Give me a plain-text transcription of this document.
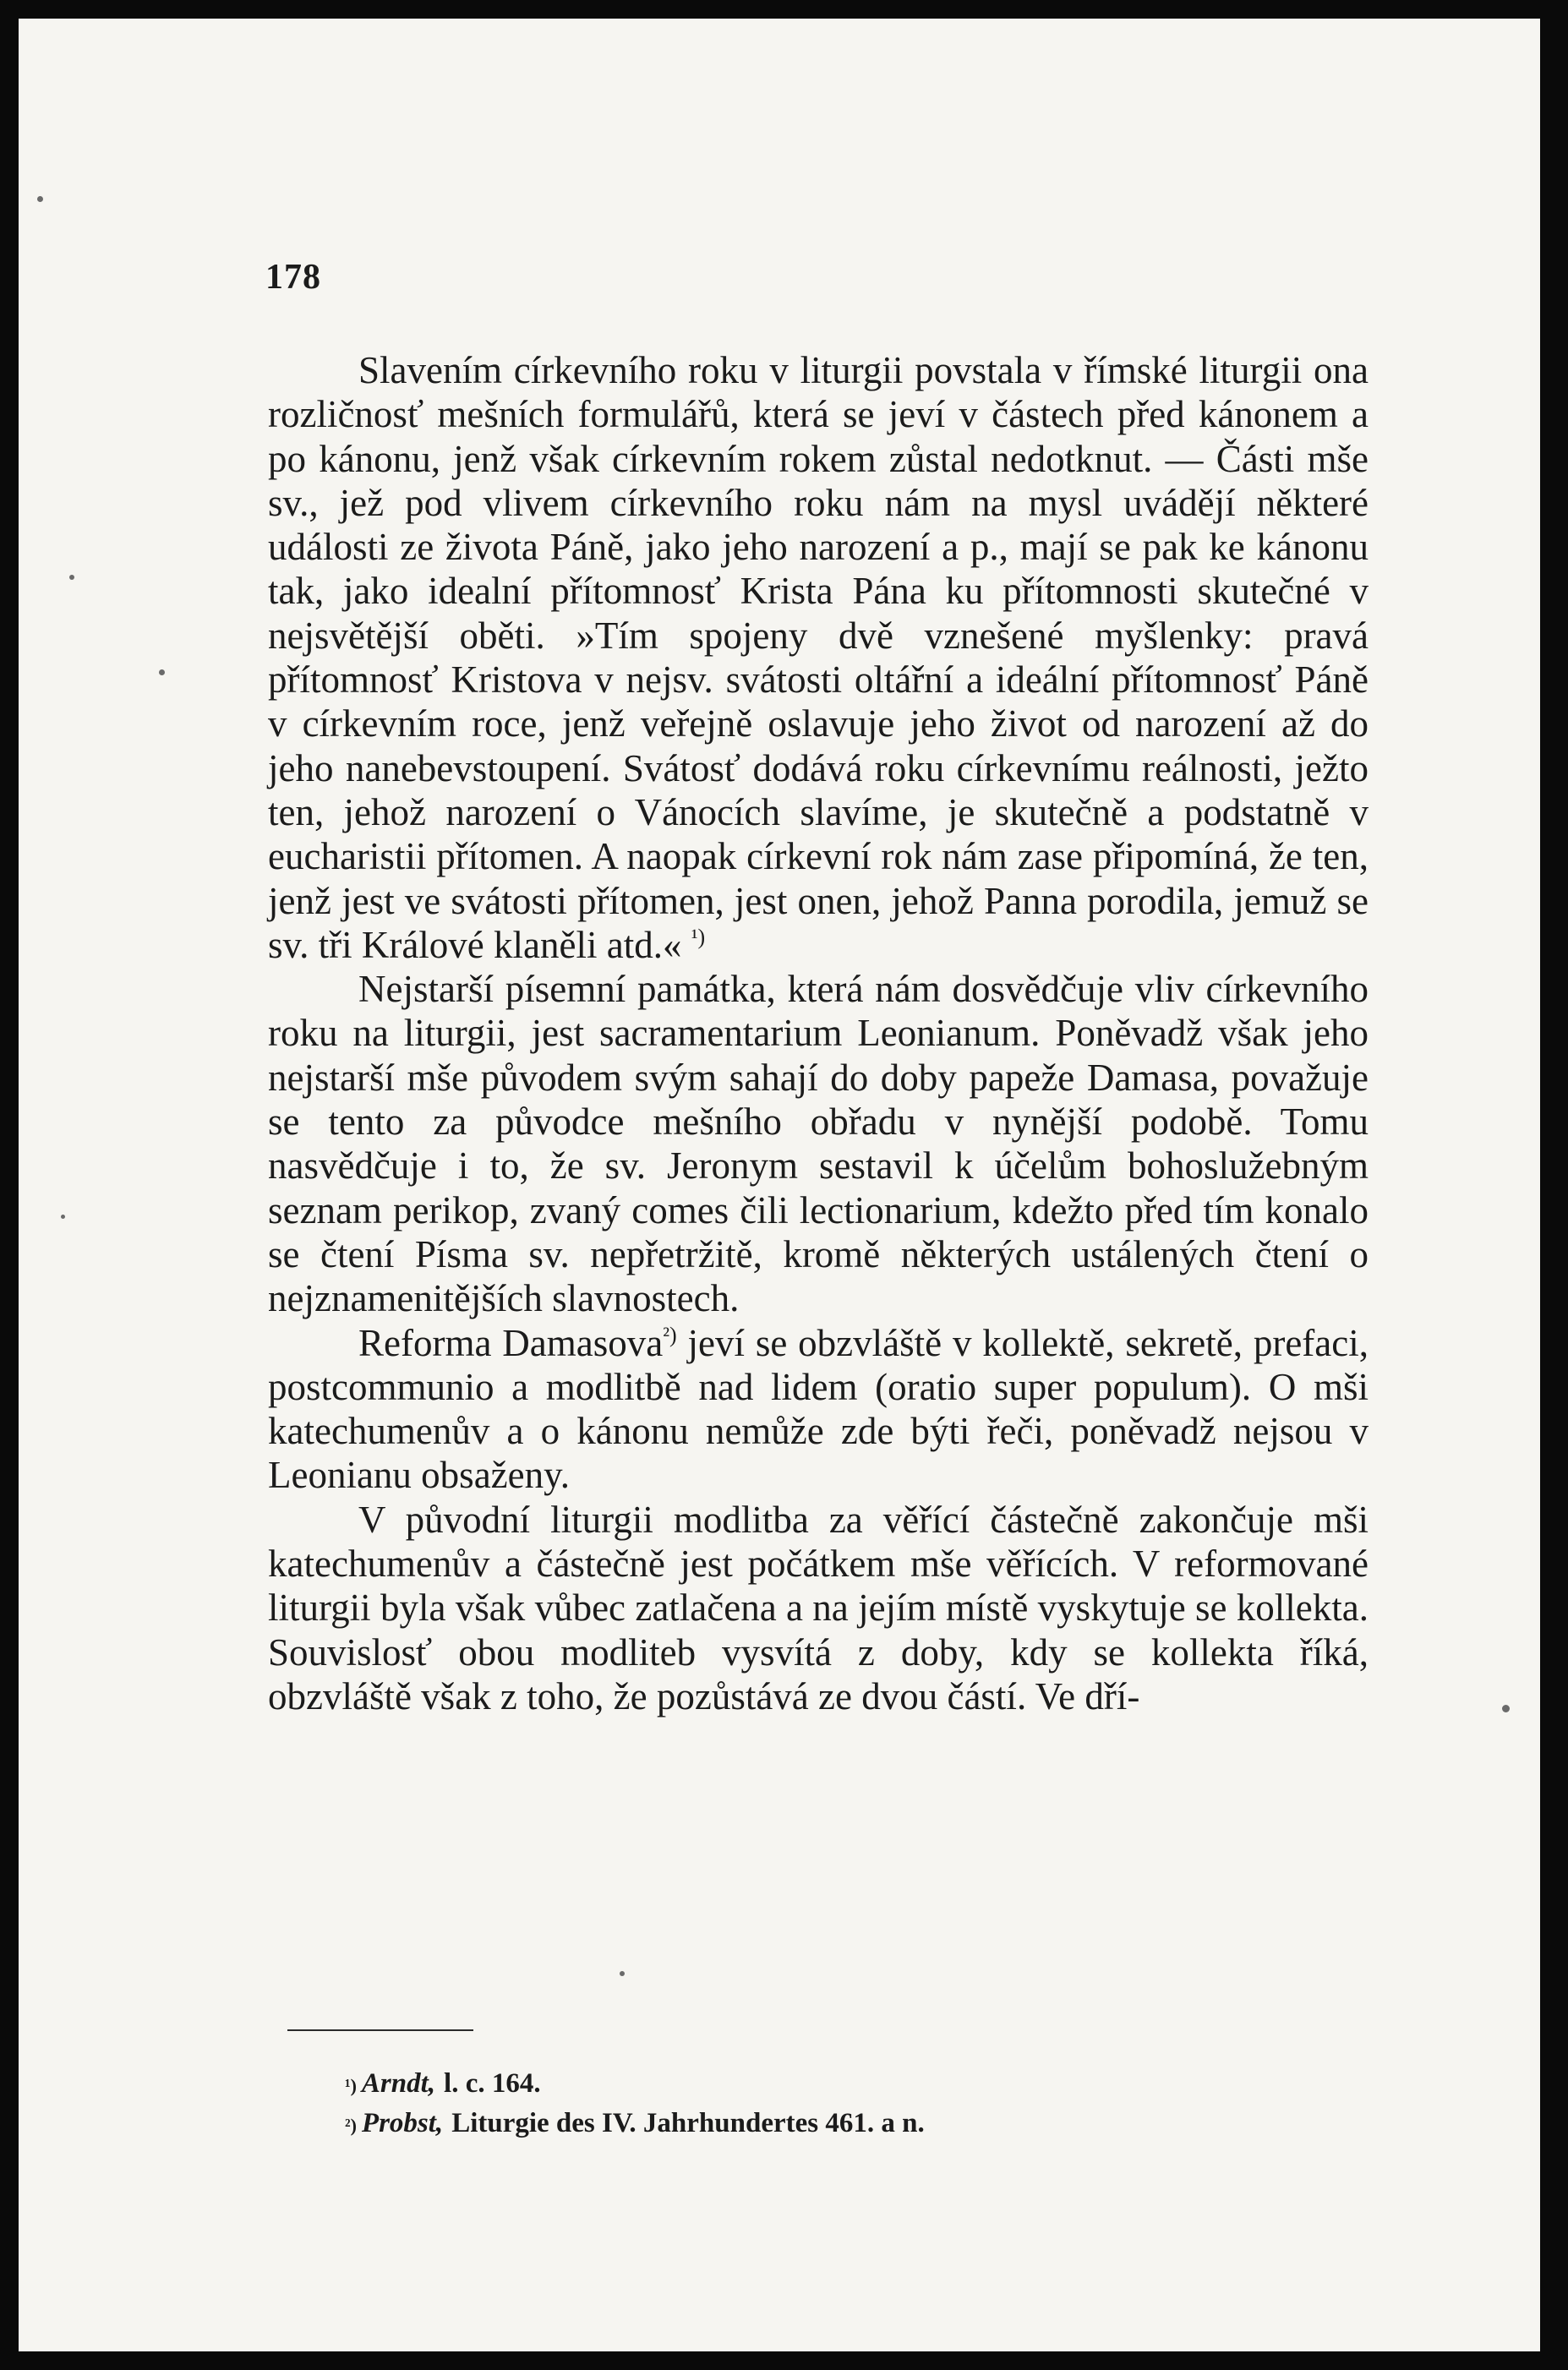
178

Slavením církevního roku v liturgii povstala v římské liturgii ona rozličnosť mešních formulářů, která se jeví v částech před kánonem a po kánonu, jenž však církevním rokem zůstal nedotknut. — Části mše sv., jež pod vlivem církevního roku nám na mysl uvádějí některé události ze života Páně, jako jeho narození a p., mají se pak ke kánonu tak, jako idealní přítomnosť Krista Pána ku přítomnosti skutečné v nejsvětější oběti. »Tím spojeny dvě vznešené myšlenky: pravá přítomnosť Kristova v nejsv. svátosti oltářní a ideální přítomnosť Páně v církevním roce, jenž veřejně oslavuje jeho život od narození až do jeho nanebevstoupení. Svátosť dodává roku církevnímu reálnosti, ježto ten, jehož narození o Vánocích slavíme, je skutečně a podstatně v eucharistii přítomen. A naopak církevní rok nám zase připomíná, že ten, jenž jest ve svátosti přítomen, jest onen, jehož Panna porodila, jemuž se sv. tři Králové klaněli atd.« $^{^1)}$

Nejstarší písemní památka, která nám dosvědčuje vliv církevního roku na liturgii, jest sacramentarium Leonianum. Poněvadž však jeho nejstarší mše původem svým sahají do doby papeže Damasa, považuje se tento za původce mešního obřadu v nynější podobě. Tomu nasvědčuje i to, že sv. Jeronym sestavil k účelům bohoslužebným seznam perikop, zvaný comes čili lectionarium, kdežto před tím konalo se čtení Písma sv. nepřetržitě, kromě některých ustálených čtení o nejznamenitějších slavnostech.

Reforma Damasova$^{^2)}$ jeví se obzvláště v kollektě, sekretě, prefaci, postcommunio a modlitbě nad lidem (oratio super populum). O mši katechumenův a o kánonu nemůže zde býti řeči, poněvadž nejsou v Leonianu obsaženy.

V původní liturgii modlitba za věřící částečně zakončuje mši katechumenův a částečně jest počátkem mše věřících. V reformované liturgii byla však vůbec zatlačena a na jejím místě vyskytuje se kollekta. Souvislosť obou modliteb vysvítá z doby, kdy se kollekta říká, obzvláště však z toho, že pozůstává ze dvou částí. Ve dří-

$^{^1)}$ Arndt, l. c. 164.
$^{^2)}$ Probst, Liturgie des IV. Jahrhundertes 461. a n.
